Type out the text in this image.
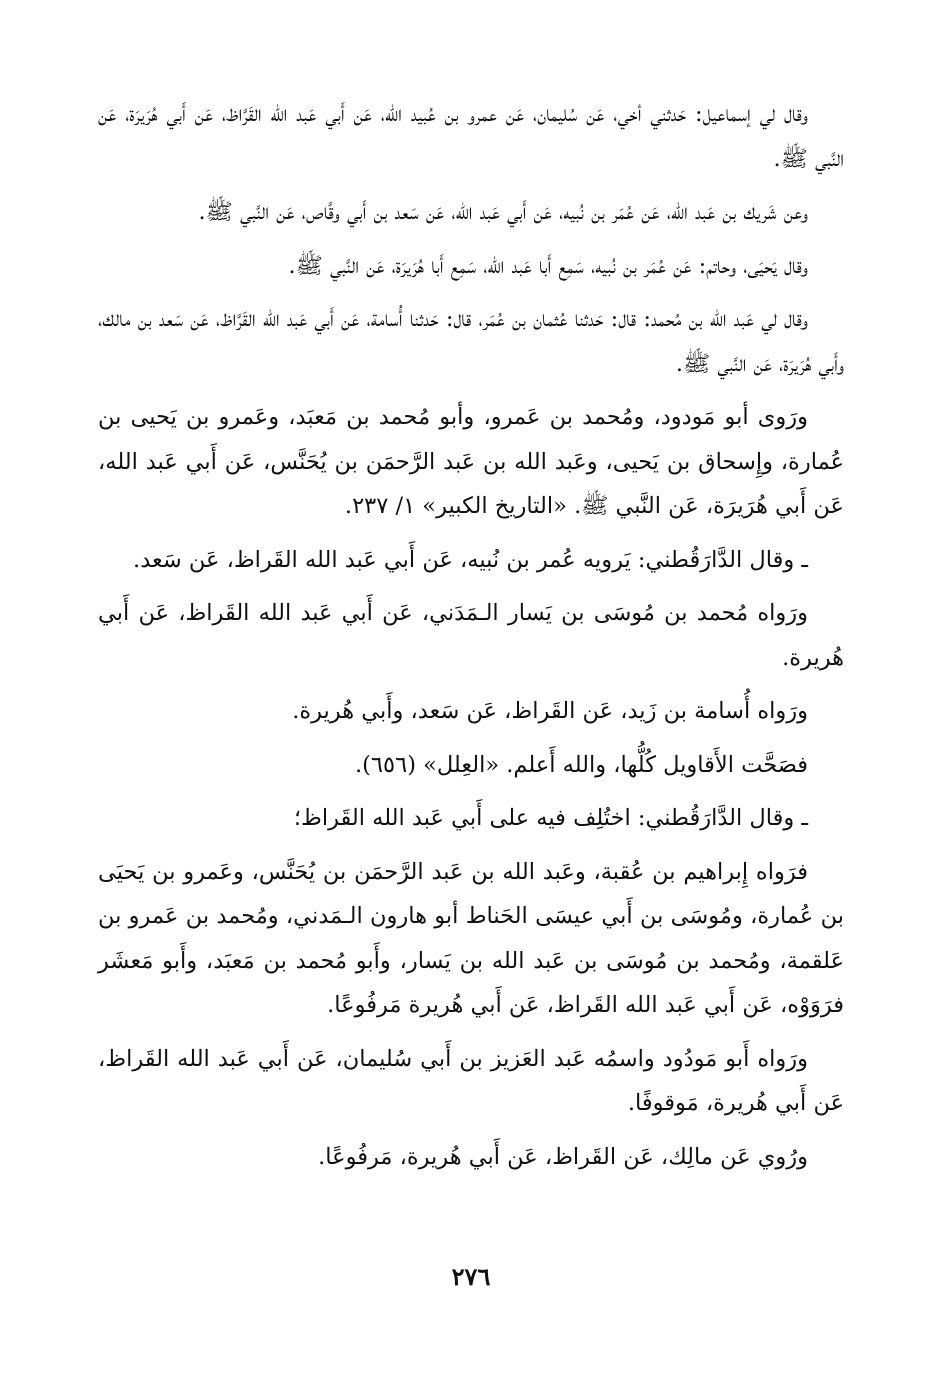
وقال لي إسماعيل: حَدثني أخي، عَن سُليمان، عَن عمرو بن عُبيد الله، عَن أَبي عَبد الله القَرَّاظ، عَن أَبي هُرَيرَة، عَن النَّبي ﷺ.

وعن شَريك بن عَبد الله، عَن عُمَر بن نُبيه، عَن أَبي عَبد الله، عَن سَعد بن أَبي وقَّاص، عَن النَّبي ﷺ.

وقال يَحيَى، وحاتم: عَن عُمَر بن نُبيه، سَمِع أَبا عَبد الله، سَمِع أَبا هُرَيرَة، عَن النَّبي ﷺ.

وقال لي عَبد الله بن مُحمد: قال: حَدثنا عُثمان بن عُمَر، قال: حَدثنا أُسامة، عَن أَبي عَبد الله القَرَّاظ، عَن سَعد بن مالك، وأَبي هُرَيرَة، عَن النَّبي ﷺ.

ورَوى أبو مَودود، ومُحمد بن عَمرو، وأبو مُحمد بن مَعبَد، وعَمرو بن يَحيى بن عُمارة، وإِسحاق بن يَحيى، وعَبد الله بن عَبد الرَّحمَن بن يُحَنَّس، عَن أَبي عَبد الله، عَن أَبي هُرَيرَة، عَن النَّبي ﷺ. «التاريخ الكبير» ١/ ٢٣٧.

ـ وقال الدَّارَقُطني: يَرويه عُمر بن نُبيه، عَن أَبي عَبد الله القَراظ، عَن سَعد.

ورَواه مُحمد بن مُوسَى بن يَسار الـمَدَني، عَن أَبي عَبد الله القَراظ، عَن أَبي هُريرة.

ورَواه أُسامة بن زَيد، عَن القَراظ، عَن سَعد، وأَبي هُريرة.

فصَحَّت الأَقاويل كُلُّها، والله أَعلم. «العِلل» (٦٥٦).

ـ وقال الدَّارَقُطني: اختُلِف فيه على أَبي عَبد الله القَراظ؛

فرَواه إِبراهيم بن عُقبة، وعَبد الله بن عَبد الرَّحمَن بن يُحَنَّس، وعَمرو بن يَحيَى بن عُمارة، ومُوسَى بن أَبي عيسَى الحَناط أبو هارون الـمَدني، ومُحمد بن عَمرو بن عَلقمة، ومُحمد بن مُوسَى بن عَبد الله بن يَسار، وأَبو مُحمد بن مَعبَد، وأَبو مَعشَر فرَوَوْه، عَن أَبي عَبد الله القَراظ، عَن أَبي هُريرة مَرفُوعًا.

ورَواه أَبو مَودُود واسمُه عَبد العَزيز بن أَبي سُليمان، عَن أَبي عَبد الله القَراظ، عَن أَبي هُريرة، مَوقوفًا.

ورُوي عَن مالِك، عَن القَراظ، عَن أَبي هُريرة، مَرفُوعًا.

٢٧٦
